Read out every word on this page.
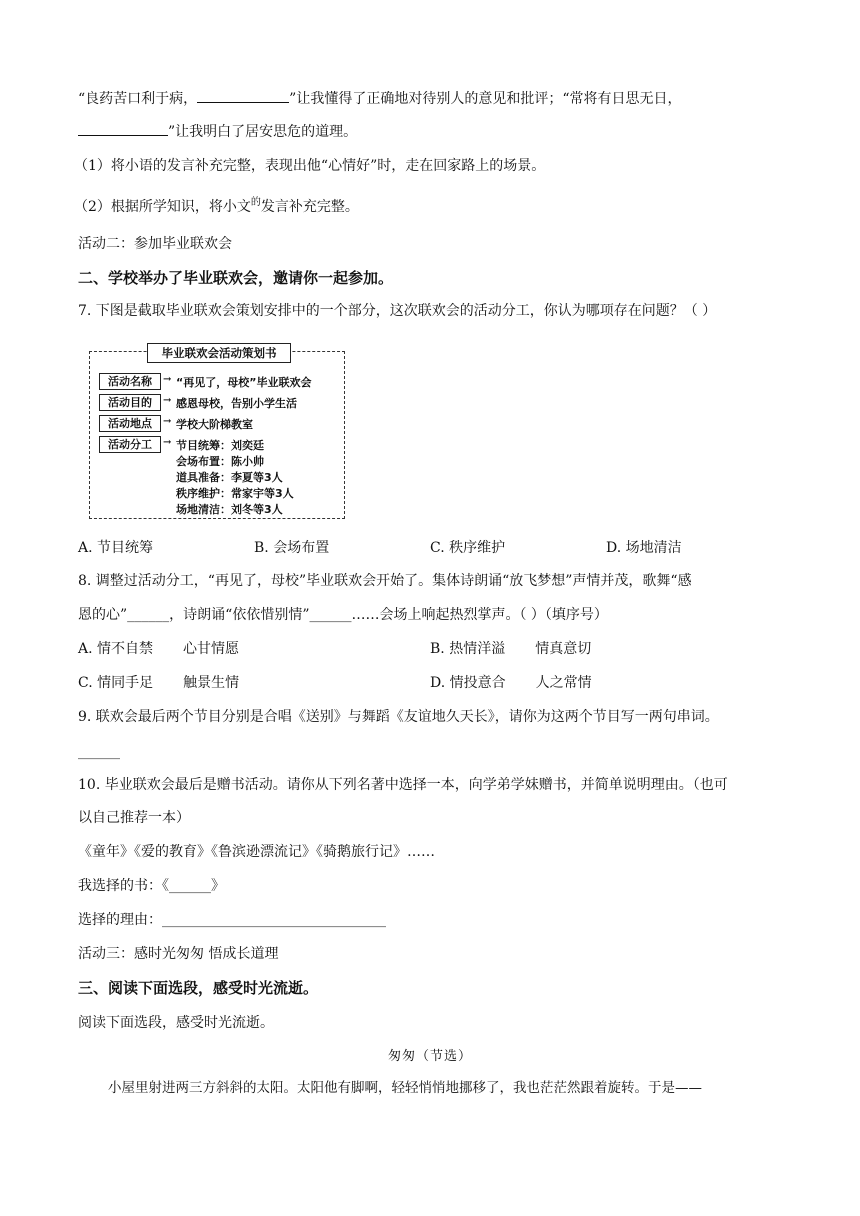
“良药苦口利于病，	”让我懂得了正确地对待别人的意见和批评；“常将有日思无日，
”让我明白了居安思危的道理。
（1）将小语的发言补充完整，表现出他“心情好”时，走在回家路上的场景。
（2）根据所学知识，将小文$^的$发言补充完整。
活动二：参加毕业联欢会
二、学校举办了毕业联欢会，邀请你一起参加。
7. 下图是截取毕业联欢会策划安排中的一个部分，这次联欢会的活动分工，你认为哪项存在问题？（ ）
毕业联欢会活动策划书
活动名称	→ “再见了，母校”毕业联欢会
活动目的	→ 感恩母校，告别小学生活
活动地点	→ 学校大阶梯教室
活动分工	→ 节目统筹：刘奕廷
会场布置：陈小帅
道具准备：李夏等3人
秩序维护：常家宇等3人
场地清洁：刘冬等3人
A. 节目统筹	B. 会场布置	C. 秩序维护	D. 场地清洁
8. 调整过活动分工，“再见了，母校”毕业联欢会开始了。集体诗朗诵“放飞梦想”声情并茂，歌舞“感
恩的心”______，诗朗诵“依依惜别情”______……会场上响起热烈掌声。（ ）（填序号）
A. 情不自禁 心甘情愿	B. 热情洋溢 情真意切
C. 情同手足 触景生情	D. 情投意合 人之常情
9. 联欢会最后两个节目分别是合唱《送别》与舞蹈《友谊地久天长》，请你为这两个节目写一两句串词。
______
10. 毕业联欢会最后是赠书活动。请你从下列名著中选择一本，向学弟学妹赠书，并简单说明理由。（也可
以自己推荐一本）
《童年》《爱的教育》《鲁滨逊漂流记》《骑鹅旅行记》……
我选择的书：《______》
选择的理由：________________________________
活动三：感时光匆匆 悟成长道理
三、阅读下面选段，感受时光流逝。
阅读下面选段，感受时光流逝。
匆匆（节选）
小屋里射进两三方斜斜的太阳。太阳他有脚啊，轻轻悄悄地挪移了，我也茫茫然跟着旋转。于是——
